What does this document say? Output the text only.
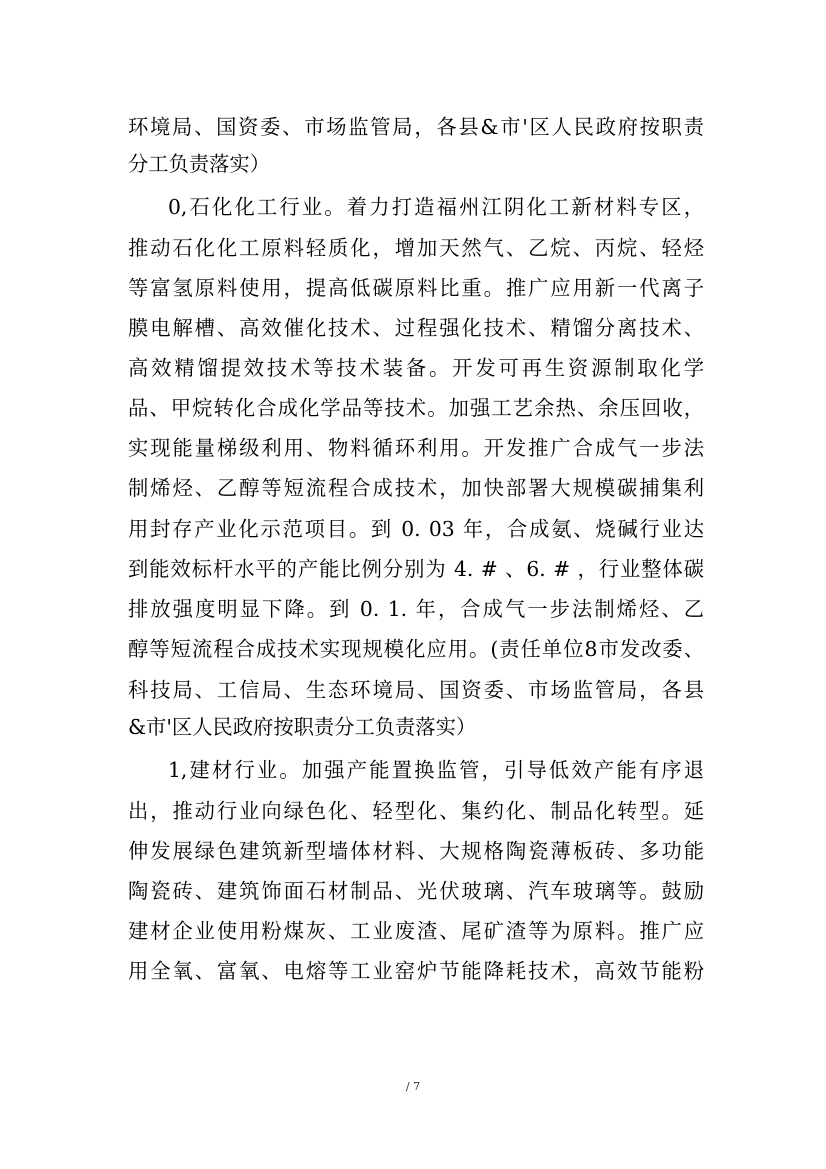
环境局、国资委、市场监管局，各县&市'区人民政府按职责
分工负责落实）
0,石化化工行业。着力打造福州江阴化工新材料专区，
推动石化化工原料轻质化，增加天然气、乙烷、丙烷、轻烃
等富氢原料使用，提高低碳原料比重。推广应用新一代离子
膜电解槽、高效催化技术、过程强化技术、精馏分离技术、
高效精馏提效技术等技术装备。开发可再生资源制取化学
品、甲烷转化合成化学品等技术。加强工艺余热、余压回收，
实现能量梯级利用、物料循环利用。开发推广合成气一步法
制烯烃、乙醇等短流程合成技术，加快部署大规模碳捕集利
用封存产业化示范项目。到 0. 03 年，合成氨、烧碱行业达
到能效标杆水平的产能比例分别为 4. # 、6. # ，行业整体碳
排放强度明显下降。到 0. 1. 年，合成气一步法制烯烃、乙
醇等短流程合成技术实现规模化应用。(责任单位8市发改委、
科技局、工信局、生态环境局、国资委、市场监管局，各县
&市'区人民政府按职责分工负责落实）
1,建材行业。加强产能置换监管，引导低效产能有序退
出，推动行业向绿色化、轻型化、集约化、制品化转型。延
伸发展绿色建筑新型墙体材料、大规格陶瓷薄板砖、多功能
陶瓷砖、建筑饰面石材制品、光伏玻璃、汽车玻璃等。鼓励
建材企业使用粉煤灰、工业废渣、尾矿渣等为原料。推广应
用全氧、富氧、电熔等工业窑炉节能降耗技术，高效节能粉
/ 7
